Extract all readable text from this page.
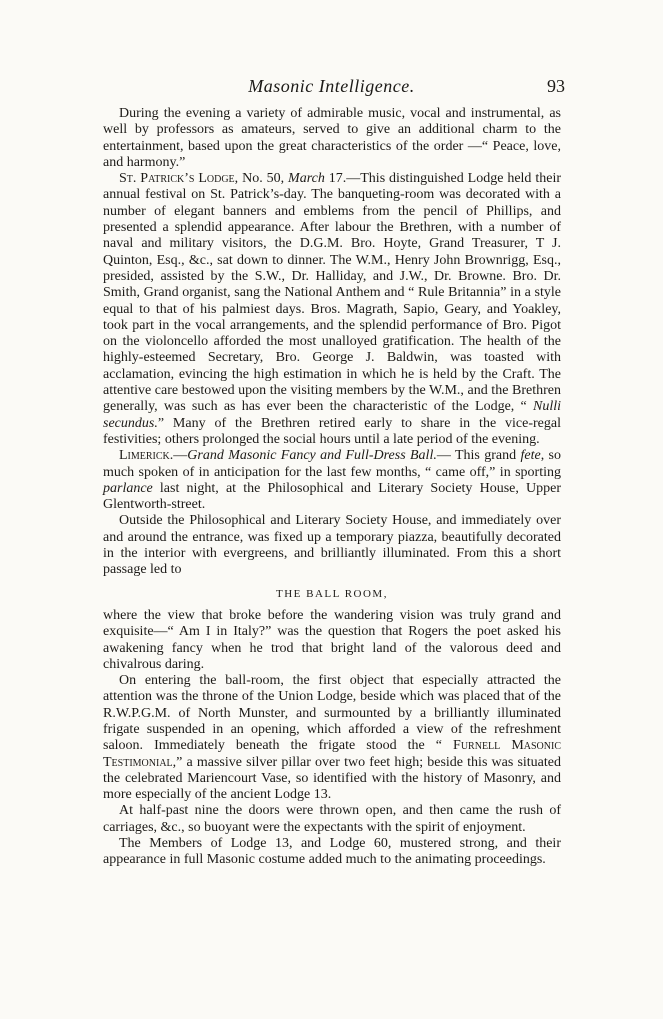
Masonic Intelligence.	93

During the evening a variety of admirable music, vocal and instrumental, as well by professors as amateurs, served to give an additional charm to the entertainment, based upon the great characteristics of the order —“ Peace, love, and harmony.”

St. Patrick’s Lodge, No. 50, March 17.—This distinguished Lodge held their annual festival on St. Patrick’s-day. The banqueting-room was decorated with a number of elegant banners and emblems from the pencil of Phillips, and presented a splendid appearance. After labour the Brethren, with a number of naval and military visitors, the D.G.M. Bro. Hoyte, Grand Treasurer, T J. Quinton, Esq., &c., sat down to dinner. The W.M., Henry John Brownrigg, Esq., presided, assisted by the S.W., Dr. Halliday, and J.W., Dr. Browne. Bro. Dr. Smith, Grand organist, sang the National Anthem and “ Rule Britannia” in a style equal to that of his palmiest days. Bros. Magrath, Sapio, Geary, and Yoakley, took part in the vocal arrangements, and the splendid performance of Bro. Pigot on the violoncello afforded the most unalloyed gratification. The health of the highly-esteemed Secretary, Bro. George J. Baldwin, was toasted with acclamation, evincing the high estimation in which he is held by the Craft. The attentive care bestowed upon the visiting members by the W.M., and the Brethren generally, was such as has ever been the characteristic of the Lodge, “ Nulli secundus.” Many of the Brethren retired early to share in the vice-regal festivities; others prolonged the social hours until a late period of the evening.

Limerick.—Grand Masonic Fancy and Full-Dress Ball.— This grand fete, so much spoken of in anticipation for the last few months, “ came off,” in sporting parlance last night, at the Philosophical and Literary Society House, Upper Glentworth-street.

Outside the Philosophical and Literary Society House, and immediately over and around the entrance, was fixed up a temporary piazza, beautifully decorated in the interior with evergreens, and brilliantly illuminated. From this a short passage led to

THE BALL ROOM,

where the view that broke before the wandering vision was truly grand and exquisite—“ Am I in Italy?” was the question that Rogers the poet asked his awakening fancy when he trod that bright land of the valorous deed and chivalrous daring.

On entering the ball-room, the first object that especially attracted the attention was the throne of the Union Lodge, beside which was placed that of the R.W.P.G.M. of North Munster, and surmounted by a brilliantly illuminated frigate suspended in an opening, which afforded a view of the refreshment saloon. Immediately beneath the frigate stood the “ Furnell Masonic Testimonial,” a massive silver pillar over two feet high; beside this was situated the celebrated Mariencourt Vase, so identified with the history of Masonry, and more especially of the ancient Lodge 13.

At half-past nine the doors were thrown open, and then came the rush of carriages, &c., so buoyant were the expectants with the spirit of enjoyment.

The Members of Lodge 13, and Lodge 60, mustered strong, and their appearance in full Masonic costume added much to the animating proceedings.
